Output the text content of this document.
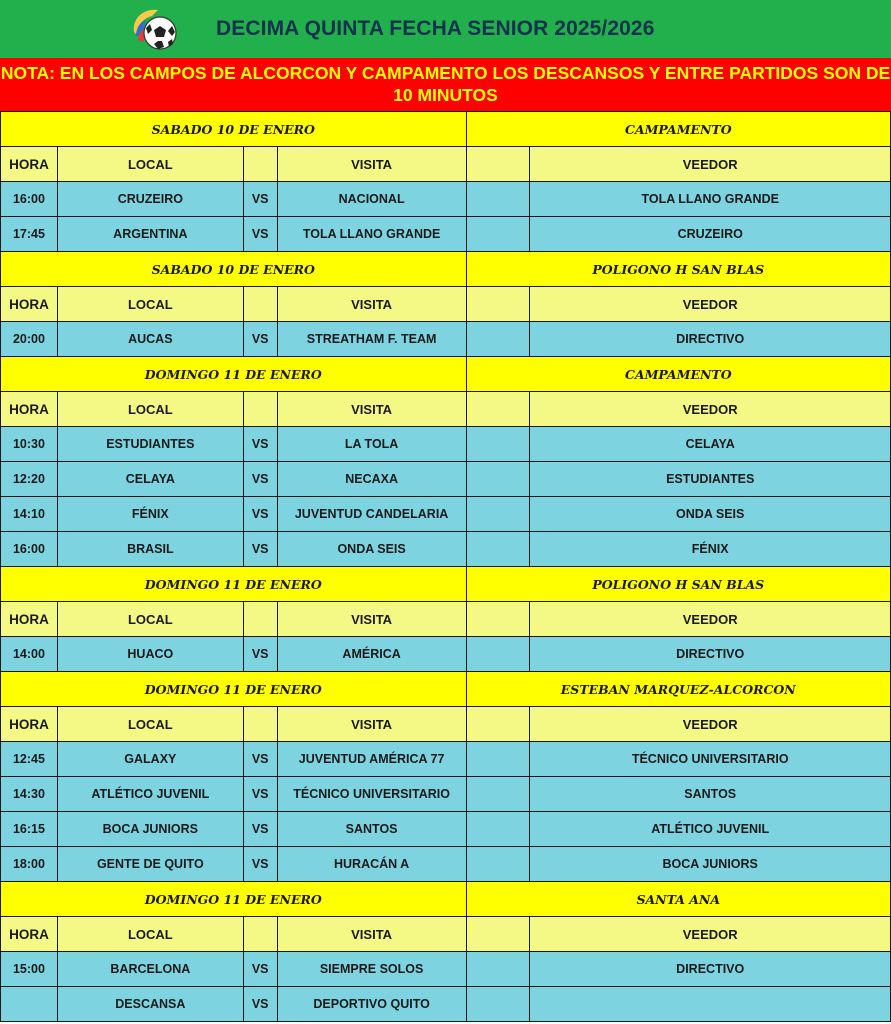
DECIMA QUINTA FECHA SENIOR 2025/2026
NOTA: EN LOS CAMPOS DE ALCORCON Y CAMPAMENTO LOS DESCANSOS Y ENTRE PARTIDOS SON DE 10 MINUTOS
SABADO 10 DE ENERO				CAMPAMENTO	
HORA	LOCAL		VISITA		VEEDOR
16:00	CRUZEIRO	VS	NACIONAL		TOLA LLANO GRANDE
17:45	ARGENTINA	VS	TOLA LLANO GRANDE		CRUZEIRO
SABADO 10 DE ENERO				POLIGONO H SAN BLAS	
HORA	LOCAL		VISITA		VEEDOR
20:00	AUCAS	VS	STREATHAM F. TEAM		DIRECTIVO
DOMINGO 11 DE ENERO				CAMPAMENTO	
HORA	LOCAL		VISITA		VEEDOR
10:30	ESTUDIANTES	VS	LA TOLA		CELAYA
12:20	CELAYA	VS	NECAXA		ESTUDIANTES
14:10	FÉNIX	VS	JUVENTUD CANDELARIA		ONDA SEIS
16:00	BRASIL	VS	ONDA SEIS		FÉNIX
DOMINGO 11 DE ENERO				POLIGONO H SAN BLAS	
HORA	LOCAL		VISITA		VEEDOR
14:00	HUACO	VS	AMÉRICA		DIRECTIVO
DOMINGO 11 DE ENERO				ESTEBAN MARQUEZ-ALCORCON	
HORA	LOCAL		VISITA		VEEDOR
12:45	GALAXY	VS	JUVENTUD AMÉRICA 77		TÉCNICO UNIVERSITARIO
14:30	ATLÉTICO JUVENIL	VS	TÉCNICO UNIVERSITARIO		SANTOS
16:15	BOCA JUNIORS	VS	SANTOS		ATLÉTICO JUVENIL
18:00	GENTE DE QUITO	VS	HURACÁN A		BOCA JUNIORS
DOMINGO 11 DE ENERO				SANTA ANA	
HORA	LOCAL		VISITA		VEEDOR
15:00	BARCELONA	VS	SIEMPRE SOLOS		DIRECTIVO
	DESCANSA	VS	DEPORTIVO QUITO		
